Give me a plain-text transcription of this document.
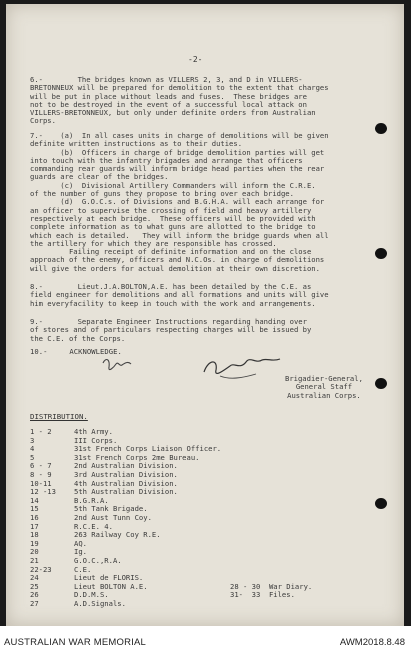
-2-
6.-        The bridges known as VILLERS 2, 3, and D in VILLERS-
BRETONNEUX will be prepared for demolition to the extent that charges
will be put in place without leads and fuses.  These bridges are
not to be destroyed in the event of a successful local attack on
VILLERS-BRETONNEUX, but only under definite orders from Australian
Corps.
7.-    (a)  In all cases units in charge of demolitions will be given
definite written instructions as to their duties.
(b)  Officers in charge of bridge demolition parties will get
into touch with the infantry brigades and arrange that officers
commanding rear guards will inform bridge head parties when the rear
guards are clear of the bridges.
(c)  Divisional Artillery Commanders will inform the C.R.E.
of the number of guns they propose to bring over each bridge.
(d)  G.O.C.s. of Divisions and B.G.H.A. will each arrange for
an officer to supervise the crossing of field and heavy artillery
respectively at each bridge.  These officers will be provided with
complete information as to what guns are allotted to the bridge to
which each is detailed.   They will inform the bridge guards when all
the artillery for which they are responsible has crossed.
Failing receipt of definite information and on the close
approach of the enemy, officers and N.C.Os. in charge of demolitions
will give the orders for actual demolition at their own discretion.
8.-        Lieut.J.A.BOLTON,A.E. has been detailed by the C.E. as
field engineer for demolitions and all formations and units will give
him everyfacility to keep in touch with the work and arrangements.
9.-        Separate Engineer Instructions regarding handing over
of stores and of particulars respecting charges will be issued by
the C.E. of the Corps.
10.-     ACKNOWLEDGE.
Brigadier-General,
General Staff
Australian Corps.
DISTRIBUTION.
1 - 2	4th Army.
3	III Corps.
4	31st French Corps Liaison Officer.
5	31st French Corps 2me Bureau.
6 - 7	2nd Australian Division.
8 - 9	3rd Australian Division.
10-11	4th Australian Division.
12 -13	5th Australian Division.
14	B.G.R.A.
15	5th Tank Brigade.
16	2nd Aust Tunn Coy.
17	R.C.E. 4.
18	263 Railway Coy R.E.
19	AQ.
20	Ig.
21	G.O.C.,R.A.
22-23	C.E.
24	Lieut de FLORIS.
25	Lieut BOLTON A.E.
26	D.D.M.S.
27	A.D.Signals.
28 - 30  War Diary.
31-  33  Files.
AUSTRALIAN WAR MEMORIAL	AWM2018.8.48
